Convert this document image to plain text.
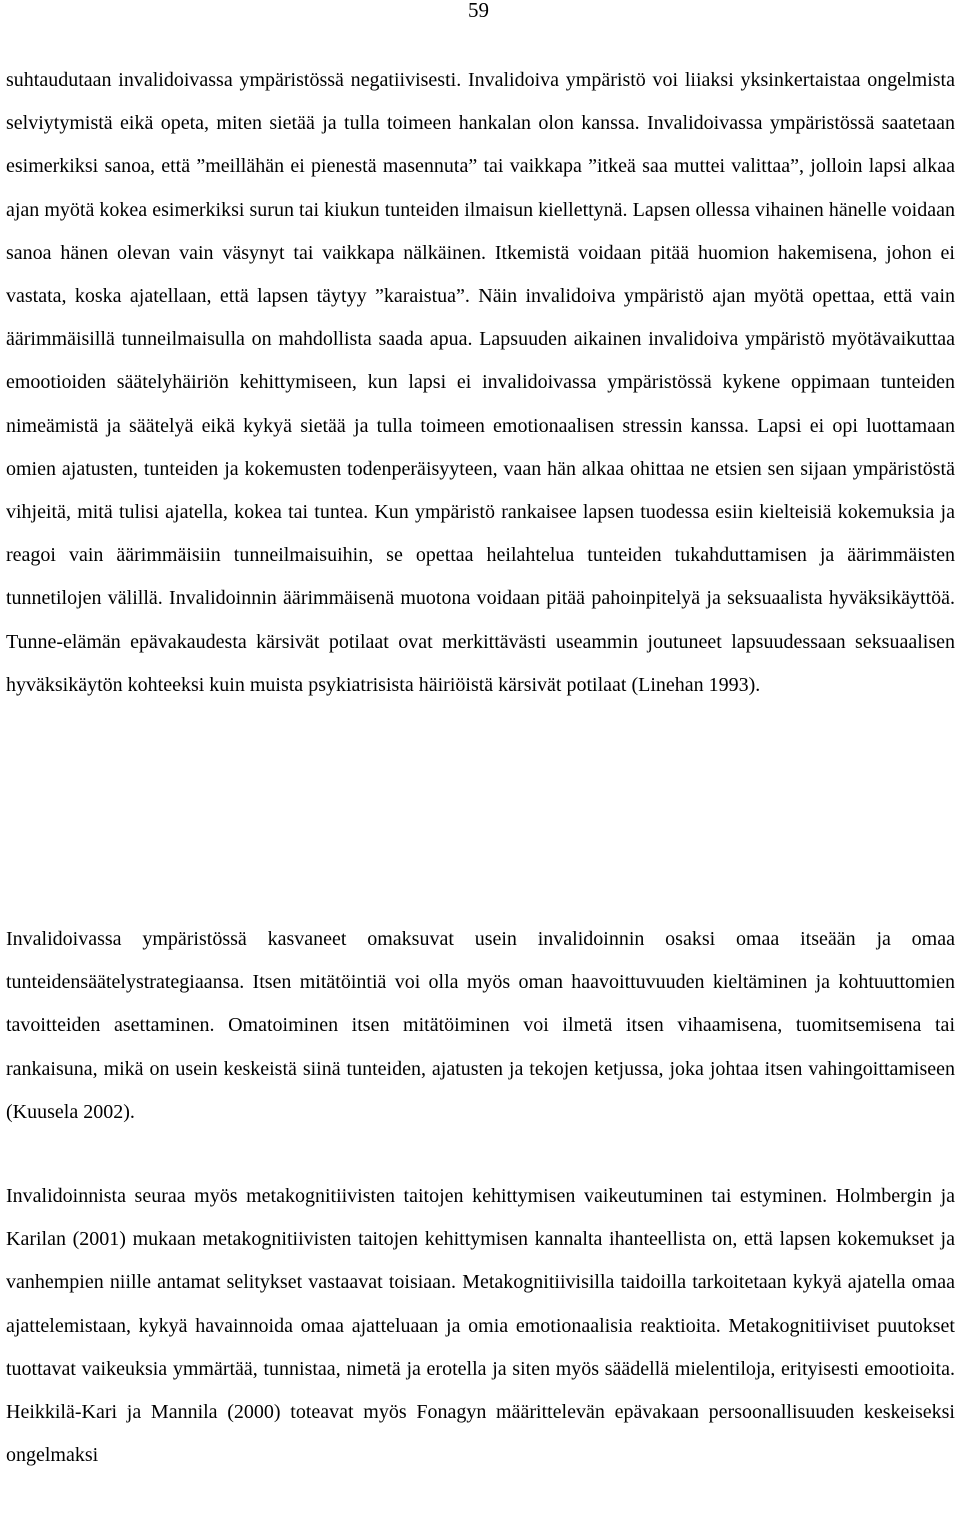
59

suhtaudutaan invalidoivassa ympäristössä negatiivisesti. Invalidoiva ympäristö voi liiaksi yksinkertaistaa ongelmista selviytymistä eikä opeta, miten sietää ja tulla toimeen hankalan olon kanssa. Invalidoivassa ympäristössä saatetaan esimerkiksi sanoa, että ”meillähän ei pienestä masennuta” tai vaikkapa ”itkeä saa muttei valittaa”, jolloin lapsi alkaa ajan myötä kokea esimerkiksi surun tai kiukun tunteiden ilmaisun kiellettynä. Lapsen ollessa vihainen hänelle voidaan sanoa hänen olevan vain väsynyt tai vaikkapa nälkäinen. Itkemistä voidaan pitää huomion hakemisena, johon ei vastata, koska ajatellaan, että lapsen täytyy ”karaistua”. Näin invalidoiva ympäristö ajan myötä opettaa, että vain äärimmäisillä tunneilmaisulla on mahdollista saada apua. Lapsuuden aikainen invalidoiva ympäristö myötävaikuttaa emootioiden säätelyhäiriön kehittymiseen, kun lapsi ei invalidoivassa ympäristössä kykene oppimaan tunteiden nimeämistä ja säätelyä eikä kykyä sietää ja tulla toimeen emotionaalisen stressin kanssa. Lapsi ei opi luottamaan omien ajatusten, tunteiden ja kokemusten todenperäisyyteen, vaan hän alkaa ohittaa ne etsien sen sijaan ympäristöstä vihjeitä, mitä tulisi ajatella, kokea tai tuntea. Kun ympäristö rankaisee lapsen tuodessa esiin kielteisiä kokemuksia ja reagoi vain äärimmäisiin tunneilmaisuihin, se opettaa heilahtelua tunteiden tukahduttamisen ja äärimmäisten tunnetilojen välillä. Invalidoinnin äärimmäisenä muotona voidaan pitää pahoinpitelyä ja seksuaalista hyväksikäyttöä. Tunne-elämän epävakaudesta kärsivät potilaat ovat merkittävästi useammin joutuneet lapsuudessaan seksuaalisen hyväksikäytön kohteeksi kuin muista psykiatrisista häiriöistä kärsivät potilaat (Linehan 1993).

Invalidoivassa ympäristössä kasvaneet omaksuvat usein invalidoinnin osaksi omaa itseään ja omaa tunteidensäätelystrategiaansa. Itsen mitätöintiä voi olla myös oman haavoittuvuuden kieltäminen ja kohtuuttomien tavoitteiden asettaminen. Omatoiminen itsen mitätöiminen voi ilmetä itsen vihaamisena, tuomitsemisena tai rankaisuna, mikä on usein keskeistä siinä tunteiden, ajatusten ja tekojen ketjussa, joka johtaa itsen vahingoittamiseen (Kuusela 2002).

Invalidoinnista seuraa myös metakognitiivisten taitojen kehittymisen vaikeutuminen tai estyminen. Holmbergin ja Karilan (2001) mukaan metakognitiivisten taitojen kehittymisen kannalta ihanteellista on, että lapsen kokemukset ja vanhempien niille antamat selitykset vastaavat toisiaan. Metakognitiivisilla taidoilla tarkoitetaan kykyä ajatella omaa ajattelemistaan, kykyä havainnoida omaa ajatteluaan ja omia emotionaalisia reaktioita. Metakognitiiviset puutokset tuottavat vaikeuksia ymmärtää, tunnistaa, nimetä ja erotella ja siten myös säädellä mielentiloja, erityisesti emootioita. Heikkilä-Kari ja Mannila (2000) toteavat myös Fonagyn määrittelevän epävakaan persoonallisuuden keskeiseksi ongelmaksi
